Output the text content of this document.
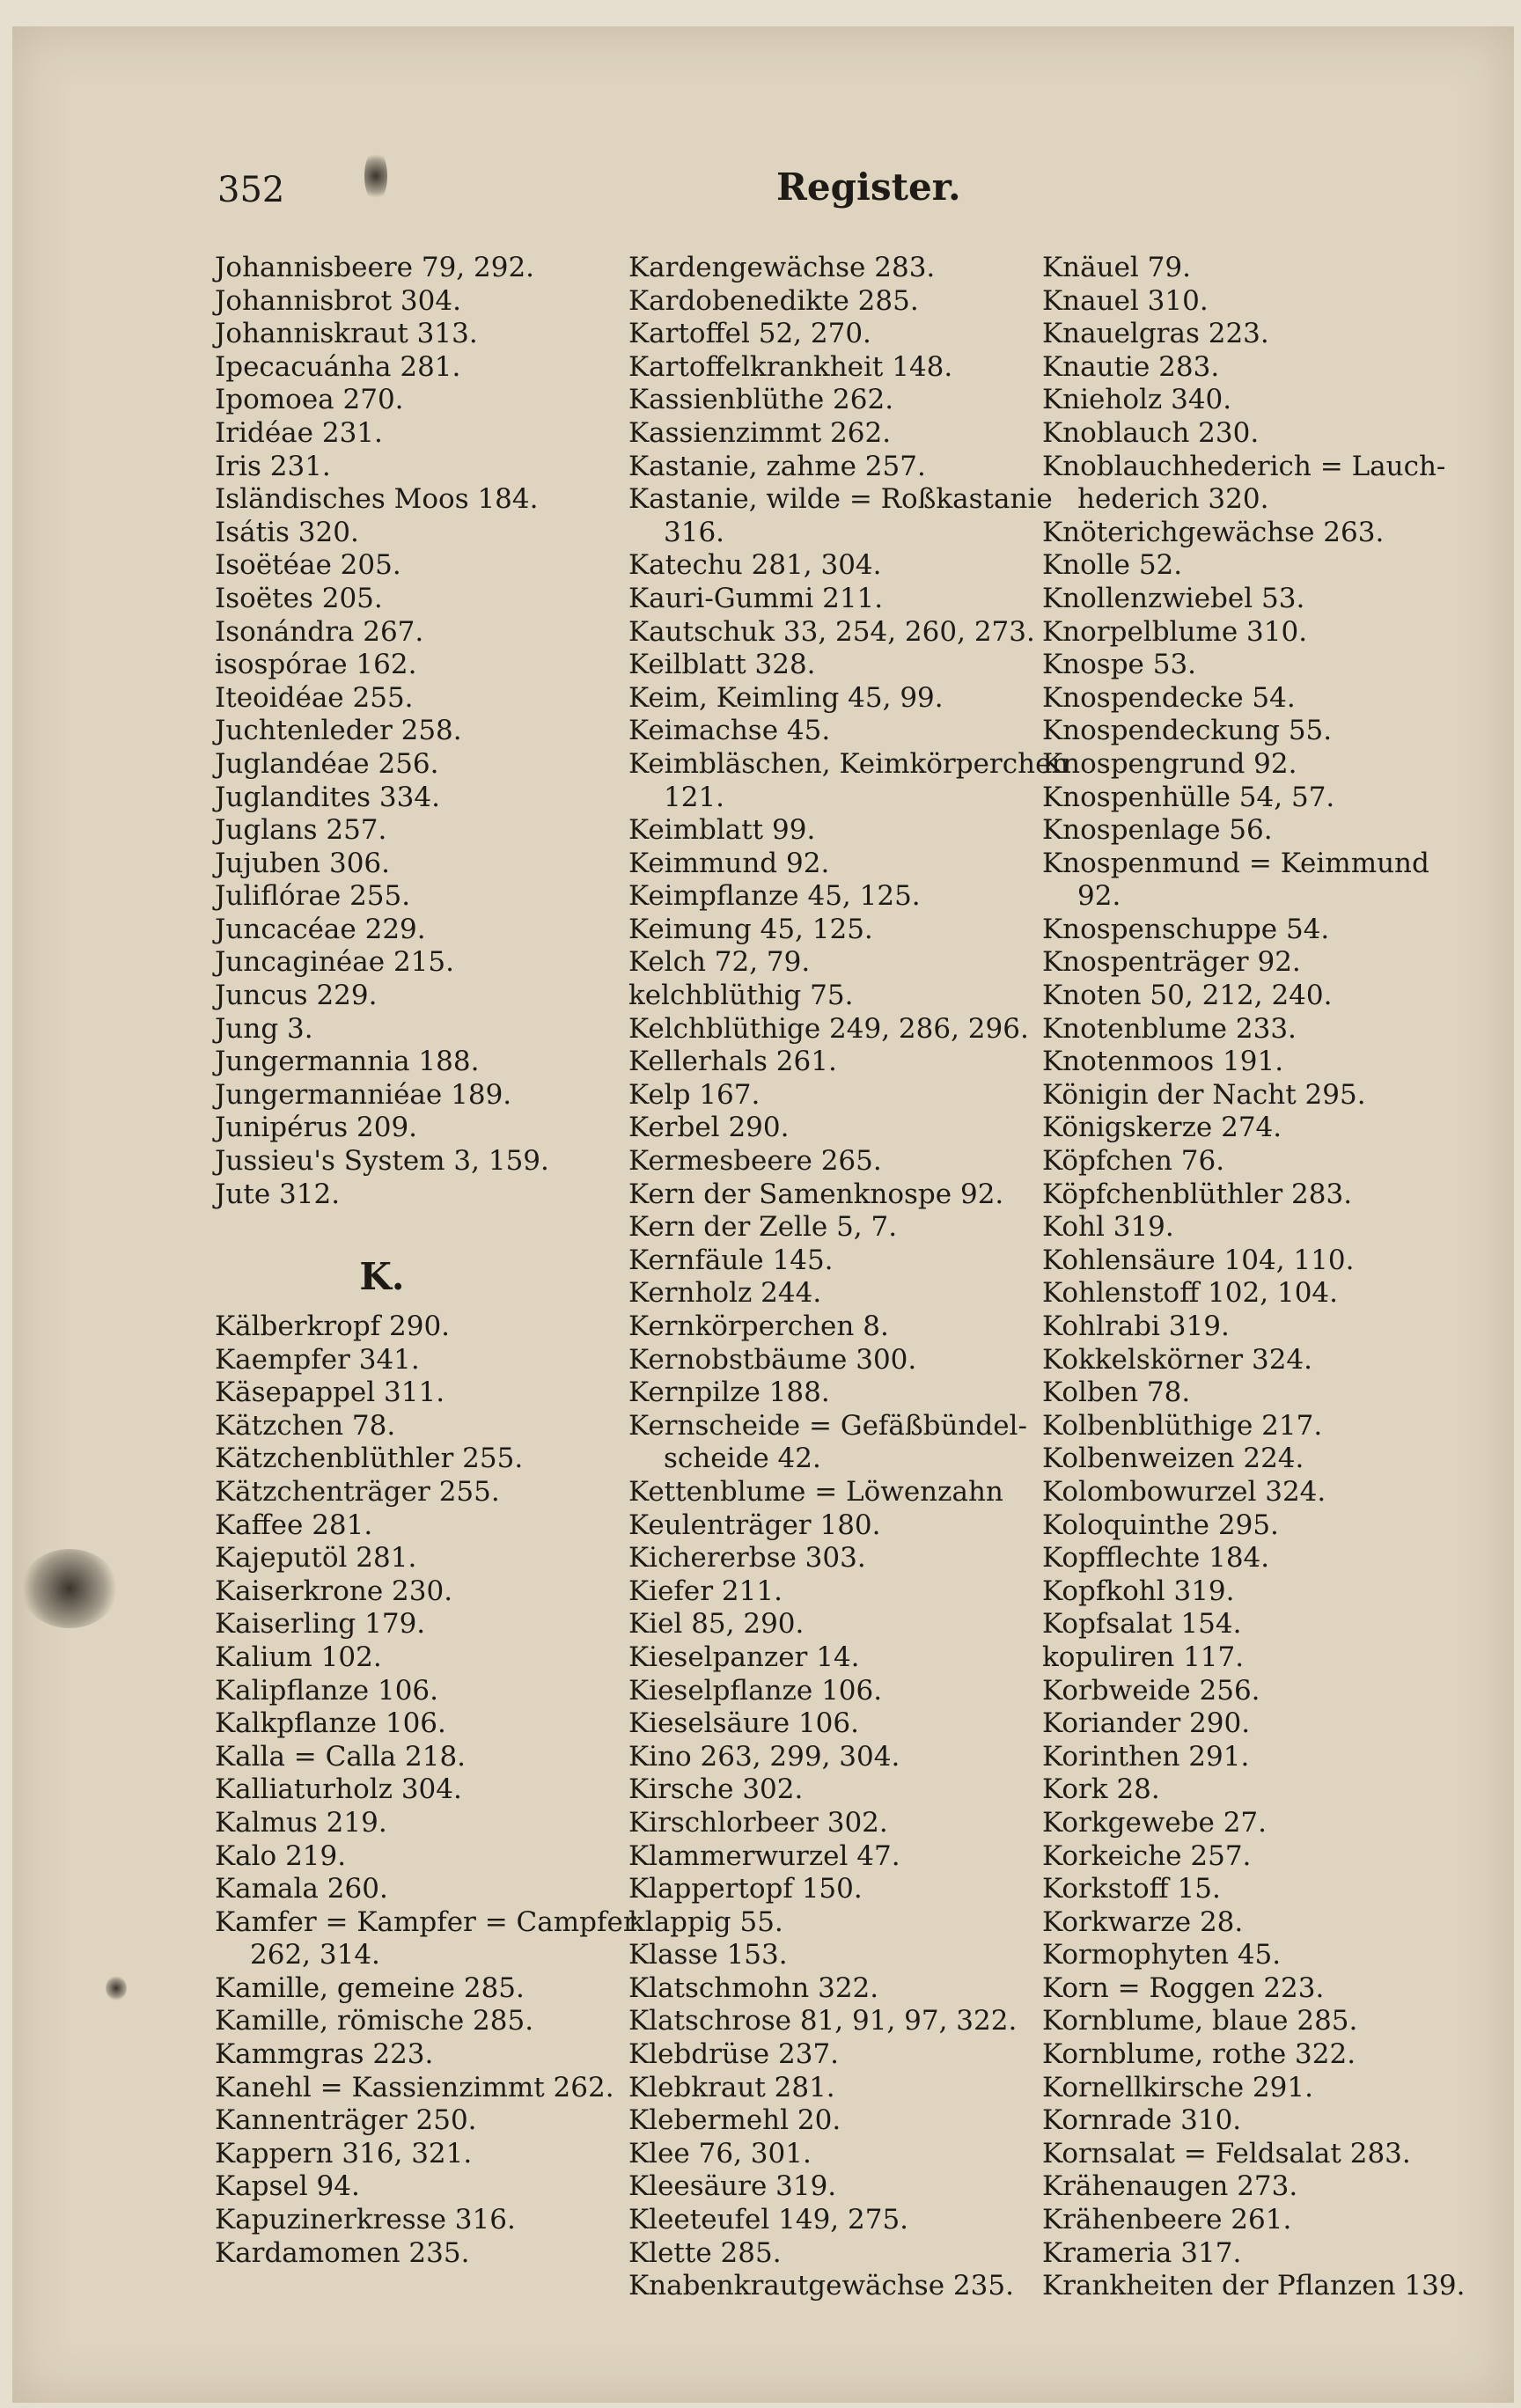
352	Register.

Johannisbeere 79, 292.
Johannisbrot 304.
Johanniskraut 313.
Ipecacuánha 281.
Ipomoea 270.
Iridéae 231.
Iris 231.
Isländisches Moos 184.
Isátis 320.
Isoëtéae 205.
Isoëtes 205.
Isonándra 267.
isospórae 162.
Iteoidéae 255.
Juchtenleder 258.
Juglandéae 256.
Juglandites 334.
Juglans 257.
Jujuben 306.
Juliflórae 255.
Juncacéae 229.
Juncaginéae 215.
Juncus 229.
Jung 3.
Jungermannia 188.
Jungermanniéae 189.
Junipérus 209.
Jussieu's System 3, 159.
Jute 312.
K.
Kälberkropf 290.
Kaempfer 341.
Käsepappel 311.
Kätzchen 78.
Kätzchenblüthler 255.
Kätzchenträger 255.
Kaffee 281.
Kajeputöl 281.
Kaiserkrone 230.
Kaiserling 179.
Kalium 102.
Kalipflanze 106.
Kalkpflanze 106.
Kalla = Calla 218.
Kalliaturholz 304.
Kalmus 219.
Kalo 219.
Kamala 260.
Kamfer = Kampfer = Campfer
262, 314.
Kamille, gemeine 285.
Kamille, römische 285.
Kammgras 223.
Kanehl = Kassienzimmt 262.
Kannenträger 250.
Kappern 316, 321.
Kapsel 94.
Kapuzinerkresse 316.
Kardamomen 235.
Kardengewächse 283.
Kardobenedikte 285.
Kartoffel 52, 270.
Kartoffelkrankheit 148.
Kassienblüthe 262.
Kassienzimmt 262.
Kastanie, zahme 257.
Kastanie, wilde = Roßkastanie
316.
Katechu 281, 304.
Kauri-Gummi 211.
Kautschuk 33, 254, 260, 273.
Keilblatt 328.
Keim, Keimling 45, 99.
Keimachse 45.
Keimbläschen, Keimkörperchen
121.
Keimblatt 99.
Keimmund 92.
Keimpflanze 45, 125.
Keimung 45, 125.
Kelch 72, 79.
kelchblüthig 75.
Kelchblüthige 249, 286, 296.
Kellerhals 261.
Kelp 167.
Kerbel 290.
Kermesbeere 265.
Kern der Samenknospe 92.
Kern der Zelle 5, 7.
Kernfäule 145.
Kernholz 244.
Kernkörperchen 8.
Kernobstbäume 300.
Kernpilze 188.
Kernscheide = Gefäßbündel-
scheide 42.
Kettenblume = Löwenzahn
Keulenträger 180.
Kichererbse 303.
Kiefer 211.
Kiel 85, 290.
Kieselpanzer 14.
Kieselpflanze 106.
Kieselsäure 106.
Kino 263, 299, 304.
Kirsche 302.
Kirschlorbeer 302.
Klammerwurzel 47.
Klappertopf 150.
klappig 55.
Klasse 153.
Klatschmohn 322.
Klatschrose 81, 91, 97, 322.
Klebdrüse 237.
Klebkraut 281.
Klebermehl 20.
Klee 76, 301.
Kleesäure 319.
Kleeteufel 149, 275.
Klette 285.
Knabenkrautgewächse 235.
Knäuel 79.
Knauel 310.
Knauelgras 223.
Knautie 283.
Knieholz 340.
Knoblauch 230.
Knoblauchhederich = Lauch-
hederich 320.
Knöterichgewächse 263.
Knolle 52.
Knollenzwiebel 53.
Knorpelblume 310.
Knospe 53.
Knospendecke 54.
Knospendeckung 55.
Knospengrund 92.
Knospenhülle 54, 57.
Knospenlage 56.
Knospenmund = Keimmund
92.
Knospenschuppe 54.
Knospenträger 92.
Knoten 50, 212, 240.
Knotenblume 233.
Knotenmoos 191.
Königin der Nacht 295.
Königskerze 274.
Köpfchen 76.
Köpfchenblüthler 283.
Kohl 319.
Kohlensäure 104, 110.
Kohlenstoff 102, 104.
Kohlrabi 319.
Kokkelskörner 324.
Kolben 78.
Kolbenblüthige 217.
Kolbenweizen 224.
Kolombowurzel 324.
Koloquinthe 295.
Kopfflechte 184.
Kopfkohl 319.
Kopfsalat 154.
kopuliren 117.
Korbweide 256.
Koriander 290.
Korinthen 291.
Kork 28.
Korkgewebe 27.
Korkeiche 257.
Korkstoff 15.
Korkwarze 28.
Kormophyten 45.
Korn = Roggen 223.
Kornblume, blaue 285.
Kornblume, rothe 322.
Kornellkirsche 291.
Kornrade 310.
Kornsalat = Feldsalat 283.
Krähenaugen 273.
Krähenbeere 261.
Krameria 317.
Krankheiten der Pflanzen 139.
